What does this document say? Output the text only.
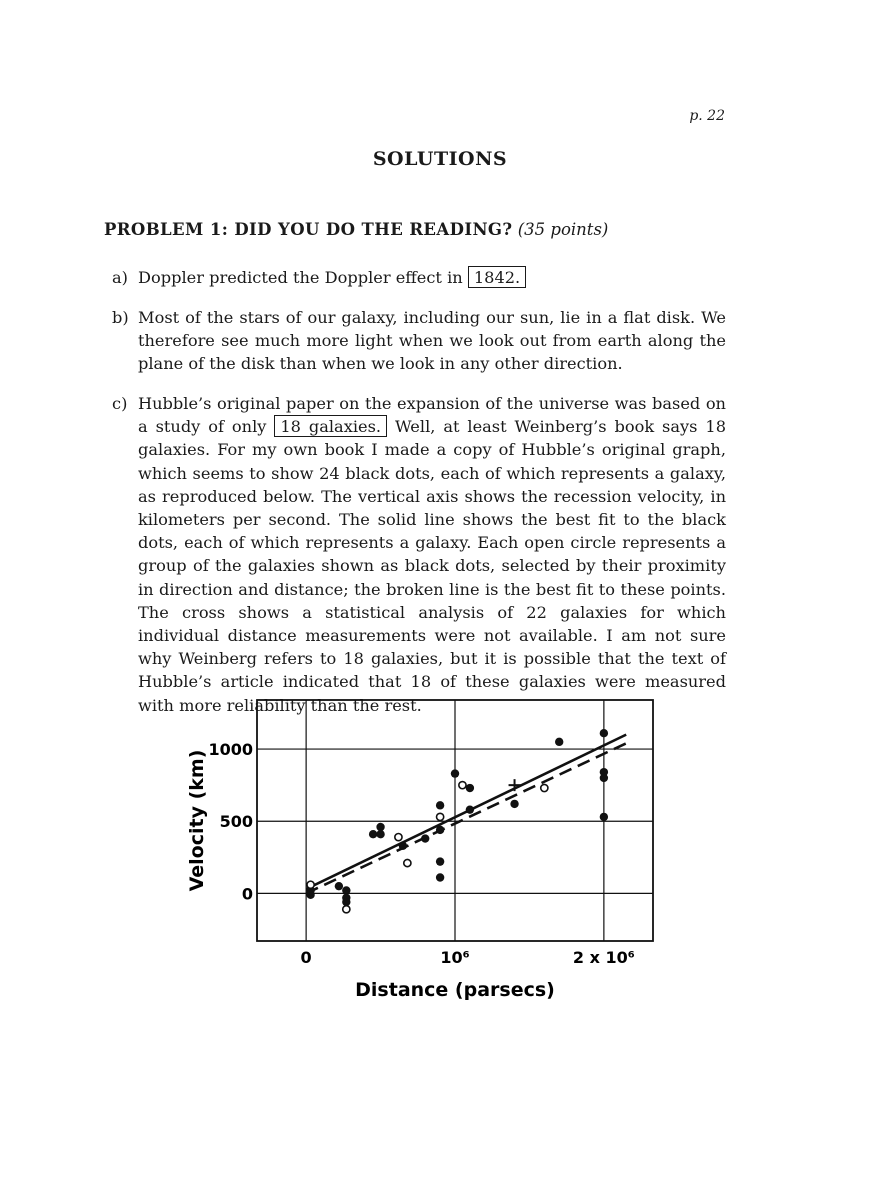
p. 22
SOLUTIONS
PROBLEM 1: DID YOU DO THE READING? (35 points)
a) Doppler predicted the Doppler effect in 1842.
b) Most of the stars of our galaxy, including our sun, lie in a flat disk. We therefore see much more light when we look out from earth along the plane of the disk than when we look in any other direction.
c) Hubble’s original paper on the expansion of the universe was based on a study of only 18 galaxies. Well, at least Weinberg’s book says 18 galaxies. For my own book I made a copy of Hubble’s original graph, which seems to show 24 black dots, each of which represents a galaxy, as reproduced below. The vertical axis shows the recession velocity, in kilometers per second. The solid line shows the best fit to the black dots, each of which represents a galaxy. Each open circle represents a group of the galaxies shown as black dots, selected by their proximity in direction and distance; the broken line is the best fit to these points. The cross shows a statistical analysis of 22 galaxies for which individual distance measurements were not available. I am not sure why Weinberg refers to 18 galaxies, but it is possible that the text of Hubble’s article indicated that 18 of these galaxies were measured with more reliability than the rest.
0	10⁶	2 x 10⁶
0
500
1000
Distance (parsecs)
Velocity (km)
